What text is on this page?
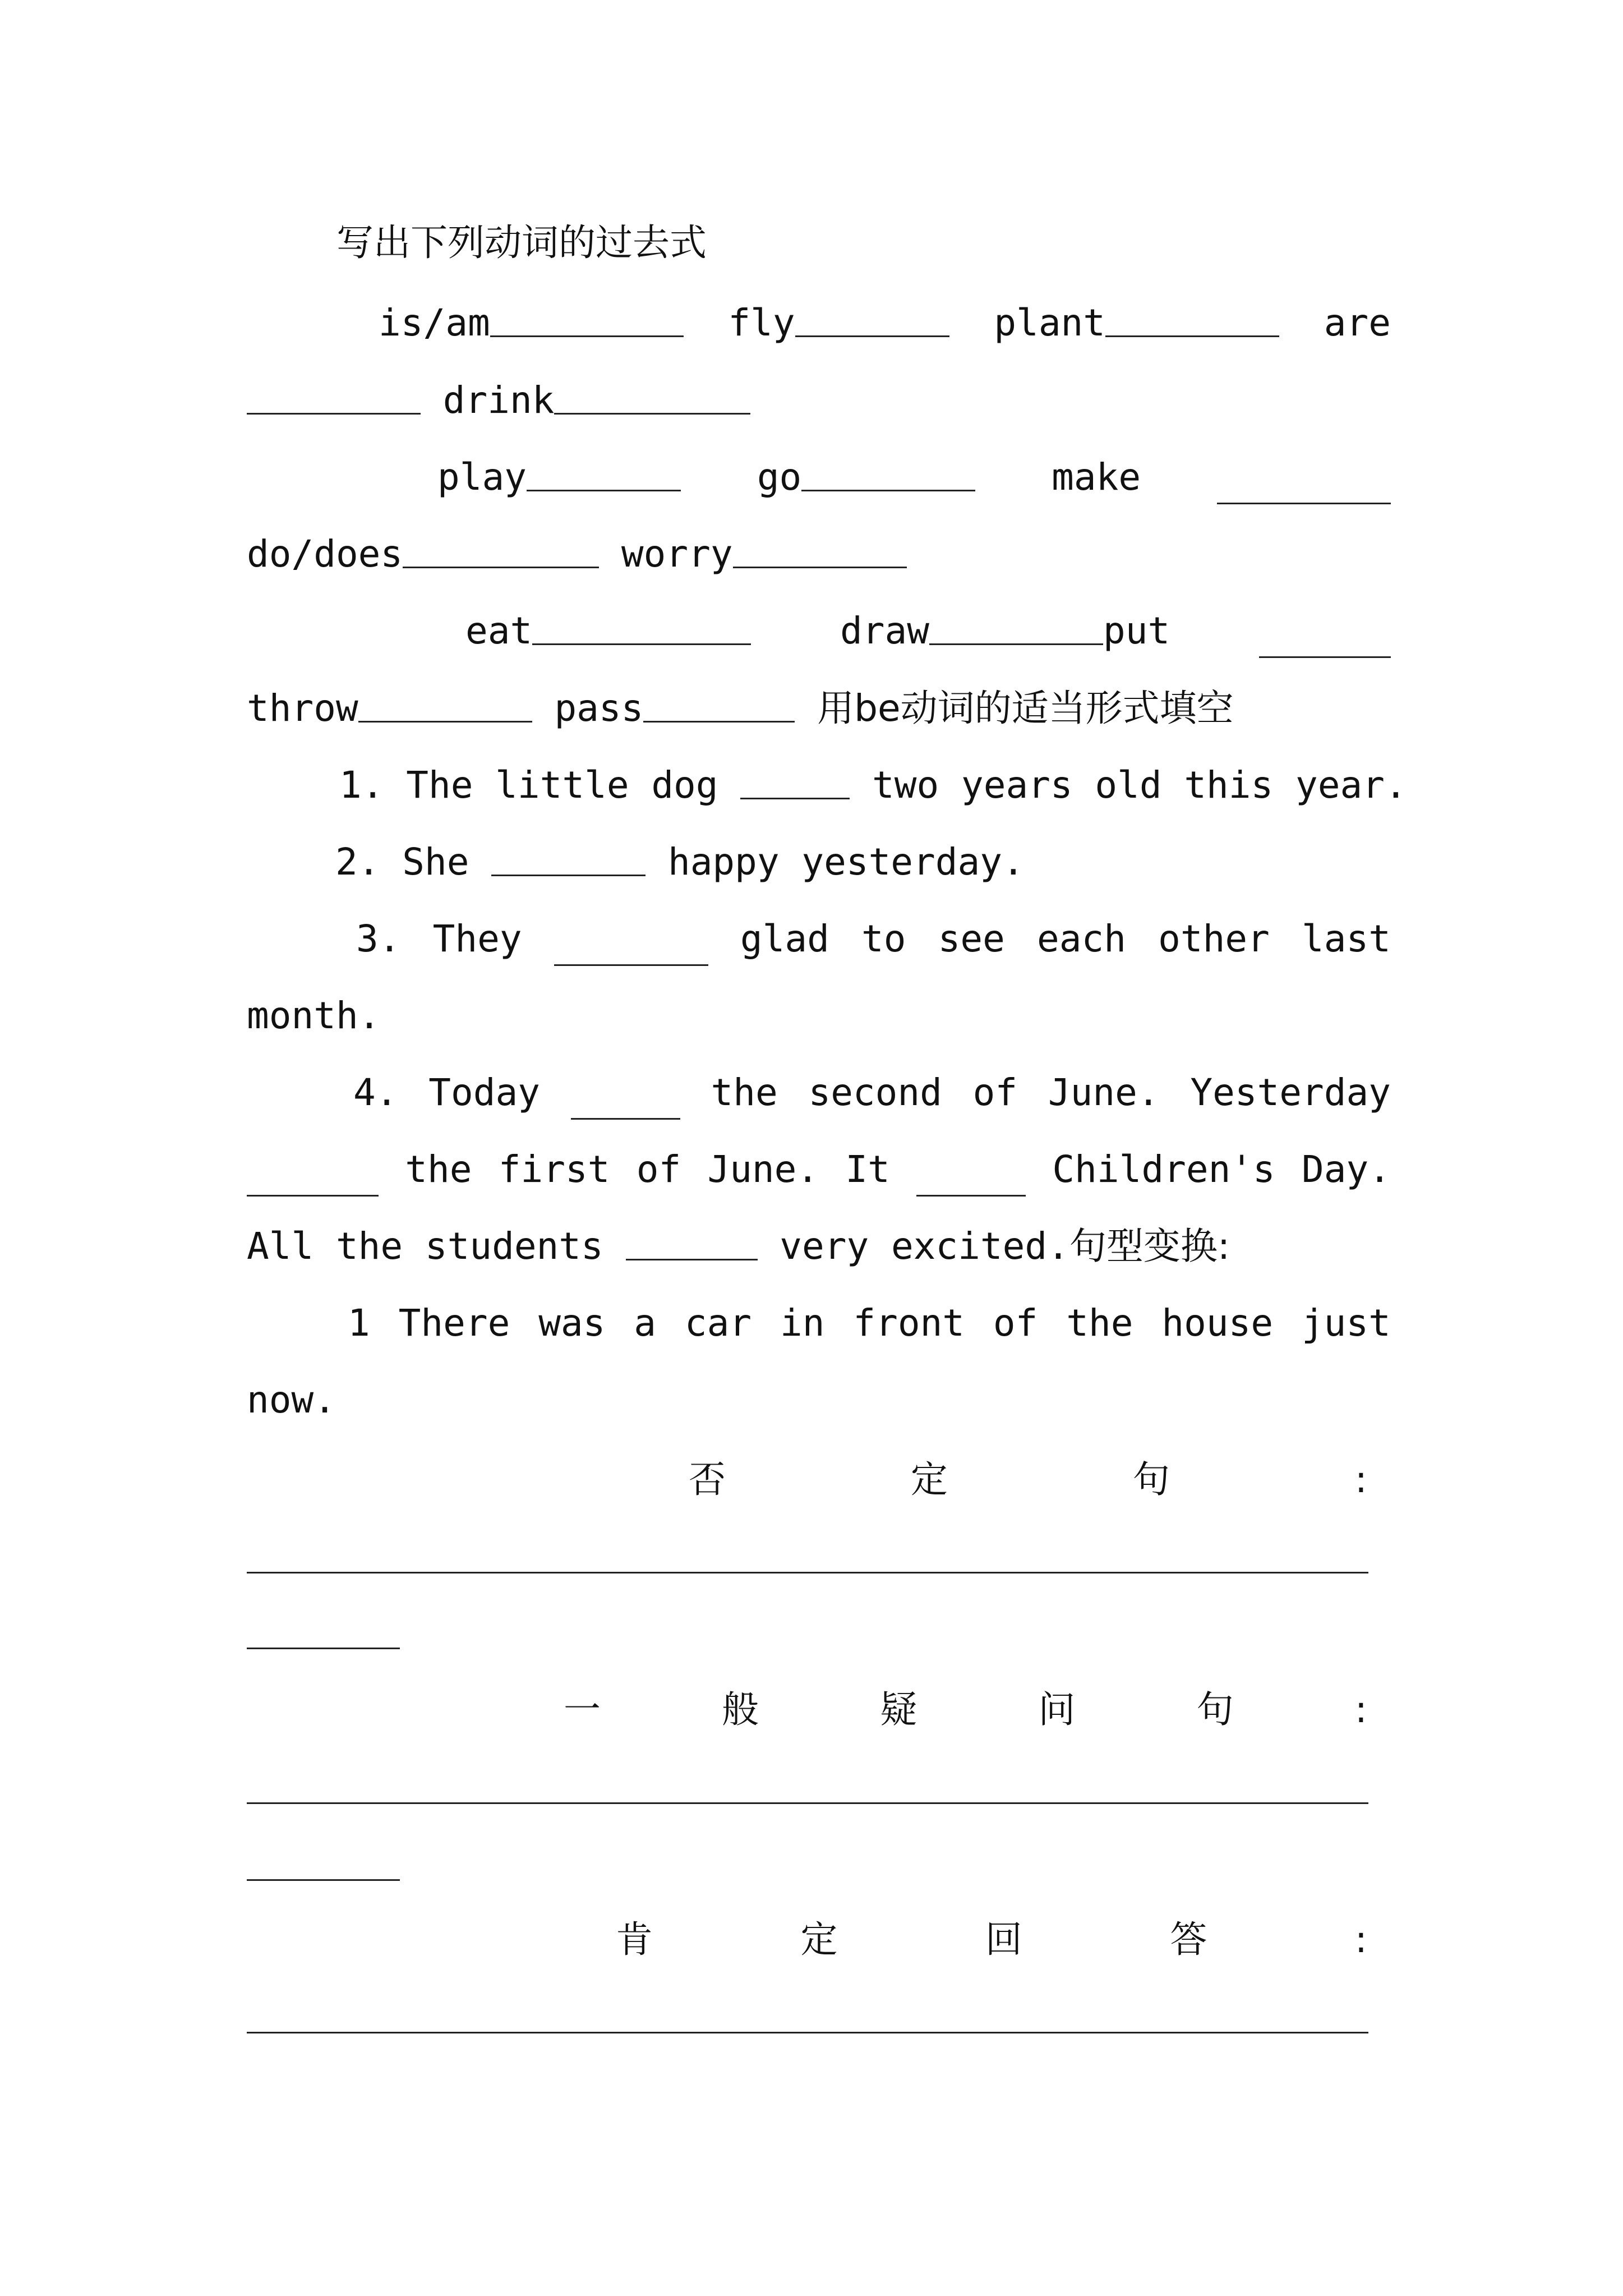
写出下列动词的过去式
is/am	fly	plant	are
drink
play	go	make
do/does	worry
eat	draw	put
throw	pass	用be动词的适当形式填空
1. The little dog	two years old this year.
2. She	happy yesterday.
3. They	glad to see each other last
month.
4. Today	the second of June. Yesterday
the first of June. It	Children's Day.
All the students	very excited.句型变换:
1 There was a car in front of the house just
now.
否	定	句	:
一	般	疑	问	句	:
肯	定	回	答	:
